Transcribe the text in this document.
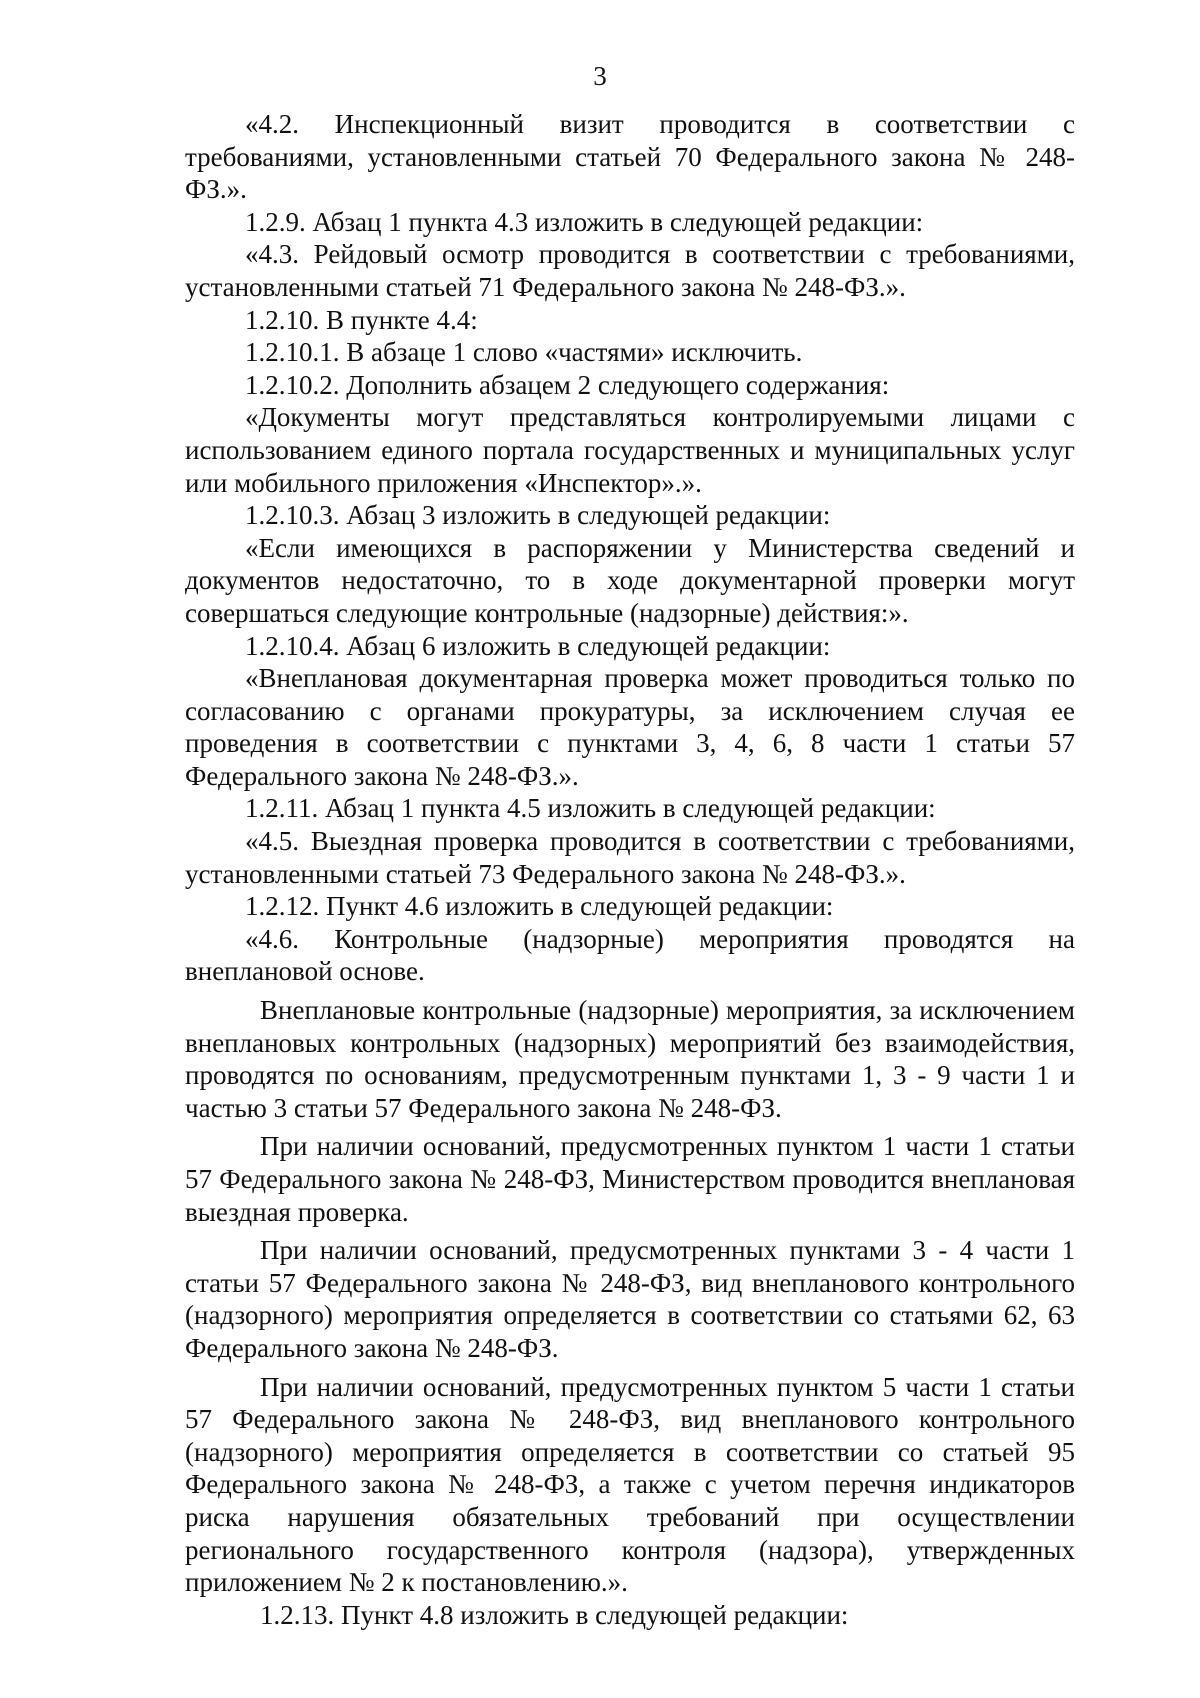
3

«4.2. Инспекционный визит проводится в соответствии с требованиями, установленными статьей 70 Федерального закона № 248-ФЗ.».

1.2.9. Абзац 1 пункта 4.3 изложить в следующей редакции:

«4.3. Рейдовый осмотр проводится в соответствии с требованиями, установленными статьей 71 Федерального закона № 248-ФЗ.».

1.2.10. В пункте 4.4:

1.2.10.1. В абзаце 1 слово «частями» исключить.

1.2.10.2. Дополнить абзацем 2 следующего содержания:

«Документы могут представляться контролируемыми лицами с использованием единого портала государственных и муниципальных услуг или мобильного приложения «Инспектор».».

1.2.10.3. Абзац 3 изложить в следующей редакции:

«Если имеющихся в распоряжении у Министерства сведений и документов недостаточно, то в ходе документарной проверки могут совершаться следующие контрольные (надзорные) действия:».

1.2.10.4. Абзац 6 изложить в следующей редакции:

«Внеплановая документарная проверка может проводиться только по согласованию с органами прокуратуры, за исключением случая ее проведения в соответствии с пунктами 3, 4, 6, 8 части 1 статьи 57 Федерального закона № 248-ФЗ.».

1.2.11. Абзац 1 пункта 4.5 изложить в следующей редакции:

«4.5. Выездная проверка проводится в соответствии с требованиями, установленными статьей 73 Федерального закона № 248-ФЗ.».

1.2.12. Пункт 4.6 изложить в следующей редакции:

«4.6. Контрольные (надзорные) мероприятия проводятся на внеплановой основе.

Внеплановые контрольные (надзорные) мероприятия, за исключением внеплановых контрольных (надзорных) мероприятий без взаимодействия, проводятся по основаниям, предусмотренным пунктами 1, 3 - 9 части 1 и частью 3 статьи 57 Федерального закона № 248-ФЗ.

При наличии оснований, предусмотренных пунктом 1 части 1 статьи 57 Федерального закона № 248-ФЗ, Министерством проводится внеплановая выездная проверка.

При наличии оснований, предусмотренных пунктами 3 - 4 части 1 статьи 57 Федерального закона № 248-ФЗ, вид внепланового контрольного (надзорного) мероприятия определяется в соответствии со статьями 62, 63 Федерального закона № 248-ФЗ.

При наличии оснований, предусмотренных пунктом 5 части 1 статьи 57 Федерального закона № 248-ФЗ, вид внепланового контрольного (надзорного) мероприятия определяется в соответствии со статьей 95 Федерального закона № 248-ФЗ, а также с учетом перечня индикаторов риска нарушения обязательных требований при осуществлении регионального государственного контроля (надзора), утвержденных приложением № 2 к постановлению.».

1.2.13. Пункт 4.8 изложить в следующей редакции:
